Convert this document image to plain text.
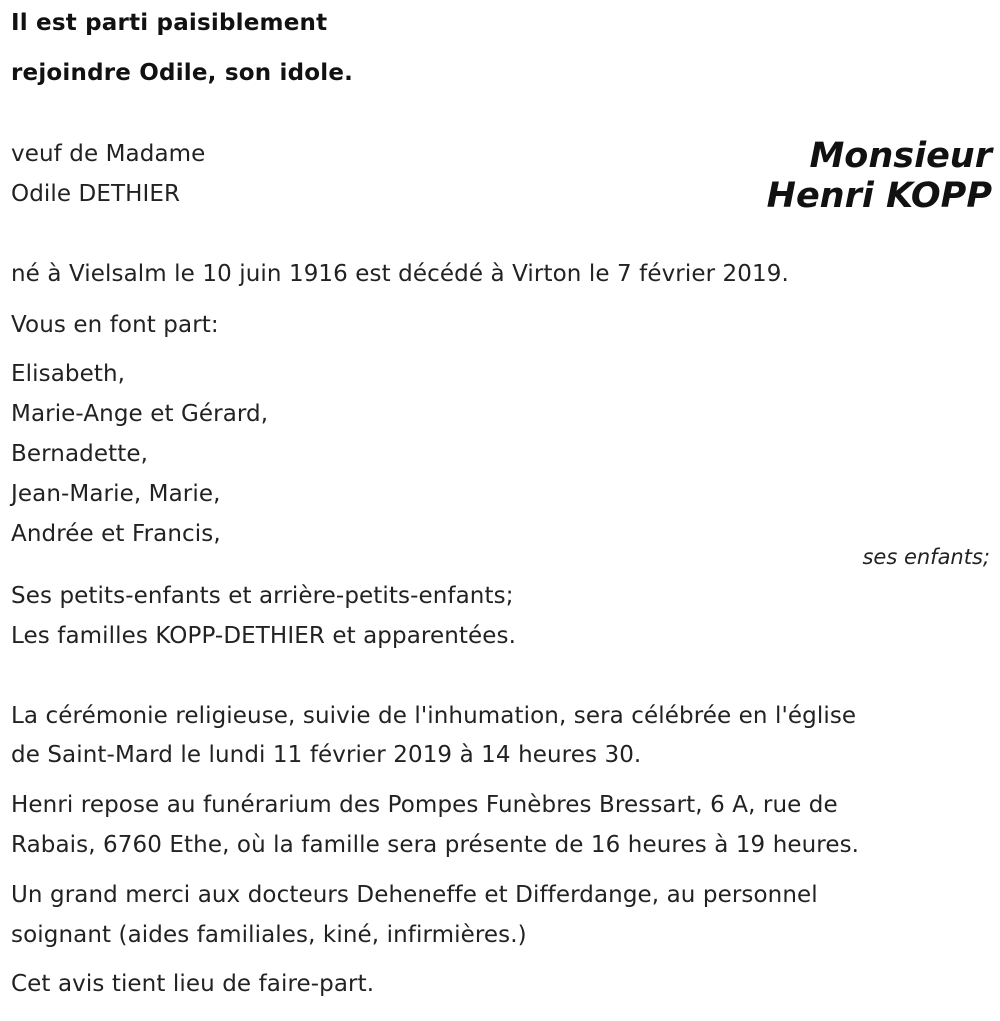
Il est parti paisiblement
rejoindre Odile, son idole.
veuf de Madame
Odile DETHIER
Monsieur
Henri KOPP
né à Vielsalm le 10 juin 1916 est décédé à Virton le 7 février 2019.
Vous en font part:
Elisabeth,
Marie-Ange et Gérard,
Bernadette,
Jean-Marie, Marie,
Andrée et Francis,
ses enfants;
Ses petits-enfants et arrière-petits-enfants;
Les familles KOPP-DETHIER et apparentées.
La cérémonie religieuse, suivie de l'inhumation, sera célébrée en l'église
de Saint-Mard le lundi 11 février 2019 à 14 heures 30.
Henri repose au funérarium des Pompes Funèbres Bressart, 6 A, rue de
Rabais, 6760 Ethe, où la famille sera présente de 16 heures à 19 heures.
Un grand merci aux docteurs Deheneffe et Differdange, au personnel
soignant (aides familiales, kiné, infirmières.)
Cet avis tient lieu de faire-part.
